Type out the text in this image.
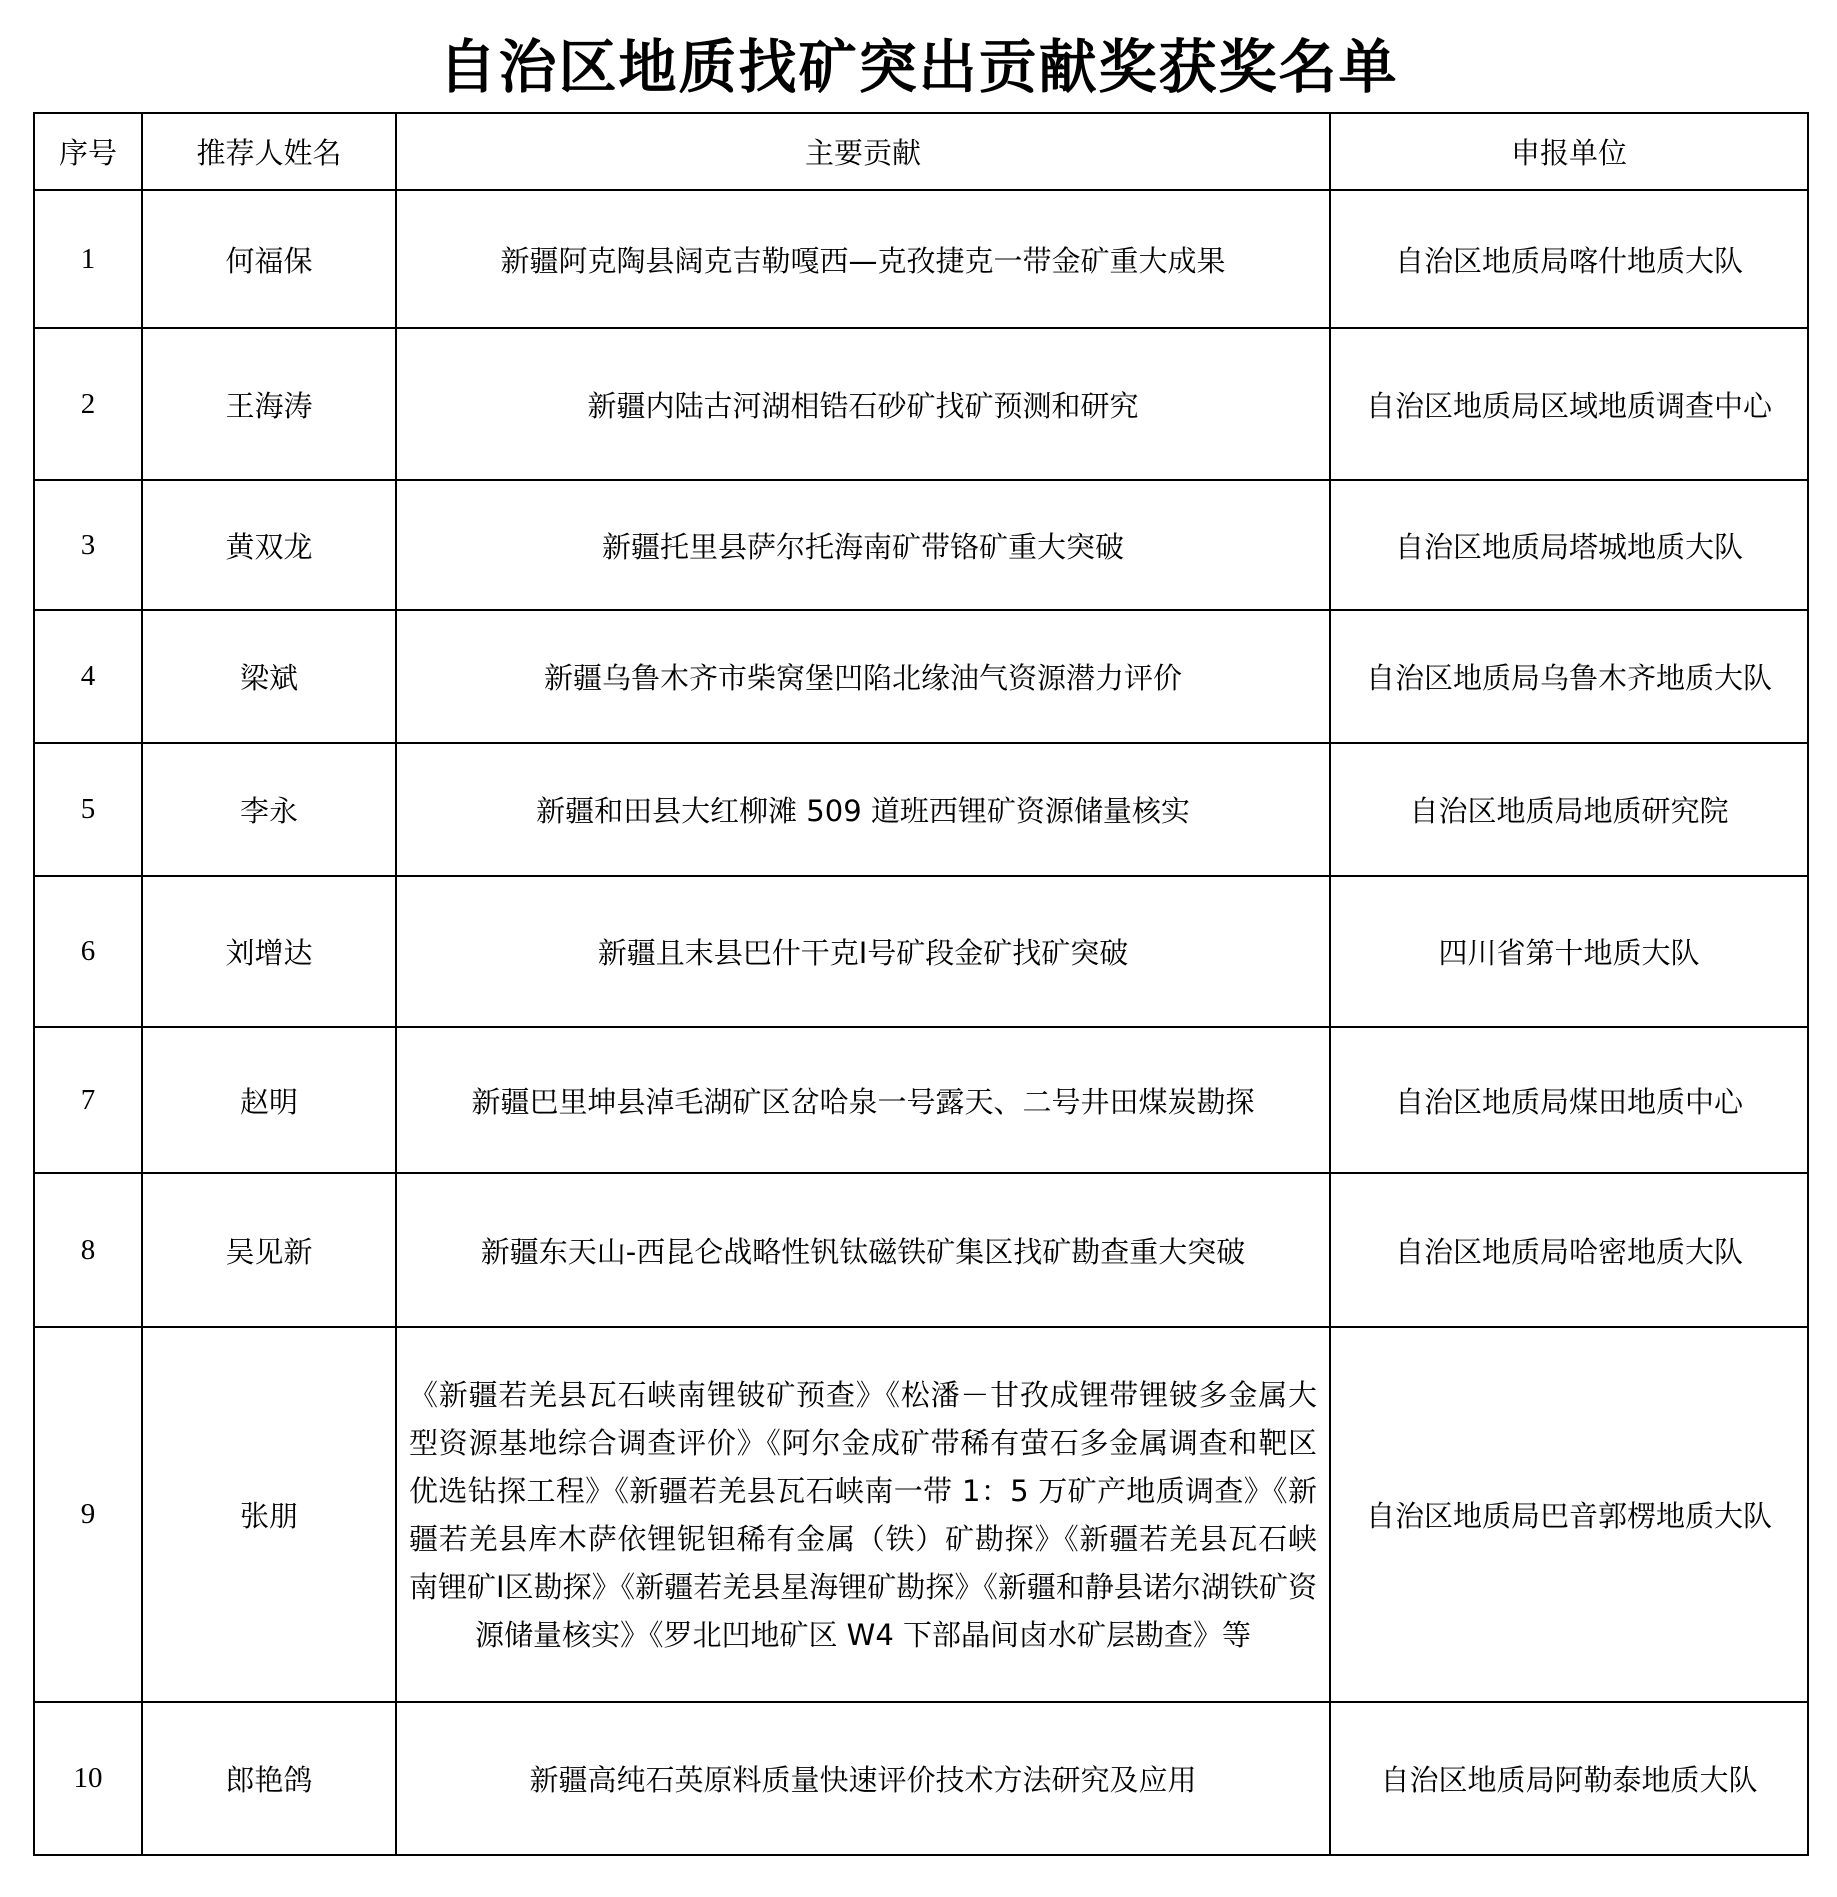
自治区地质找矿突出贡献奖获奖名单
序号	推荐人姓名	主要贡献	申报单位
1	何福保	新疆阿克陶县阔克吉勒嘎西—克孜捷克一带金矿重大成果	自治区地质局喀什地质大队
2	王海涛	新疆内陆古河湖相锆石砂矿找矿预测和研究	自治区地质局区域地质调查中心
3	黄双龙	新疆托里县萨尔托海南矿带铬矿重大突破	自治区地质局塔城地质大队
4	梁斌	新疆乌鲁木齐市柴窝堡凹陷北缘油气资源潜力评价	自治区地质局乌鲁木齐地质大队
5	李永	新疆和田县大红柳滩 509 道班西锂矿资源储量核实	自治区地质局地质研究院
6	刘增达	新疆且末县巴什干克Ⅰ号矿段金矿找矿突破	四川省第十地质大队
7	赵明	新疆巴里坤县淖毛湖矿区岔哈泉一号露天、二号井田煤炭勘探	自治区地质局煤田地质中心
8	吴见新	新疆东天山-西昆仑战略性钒钛磁铁矿集区找矿勘查重大突破	自治区地质局哈密地质大队
9	张朋	《新疆若羌县瓦石峡南锂铍矿预查》《松潘－甘孜成锂带锂铍多金属大型资源基地综合调查评价》《阿尔金成矿带稀有萤石多金属调查和靶区优选钻探工程》《新疆若羌县瓦石峡南一带 1：5 万矿产地质调查》《新疆若羌县库木萨依锂铌钽稀有金属（铁）矿勘探》《新疆若羌县瓦石峡南锂矿Ⅰ区勘探》《新疆若羌县星海锂矿勘探》《新疆和静县诺尔湖铁矿资源储量核实》《罗北凹地矿区 W4 下部晶间卤水矿层勘查》等	自治区地质局巴音郭楞地质大队
10	郎艳鸽	新疆高纯石英原料质量快速评价技术方法研究及应用	自治区地质局阿勒泰地质大队
